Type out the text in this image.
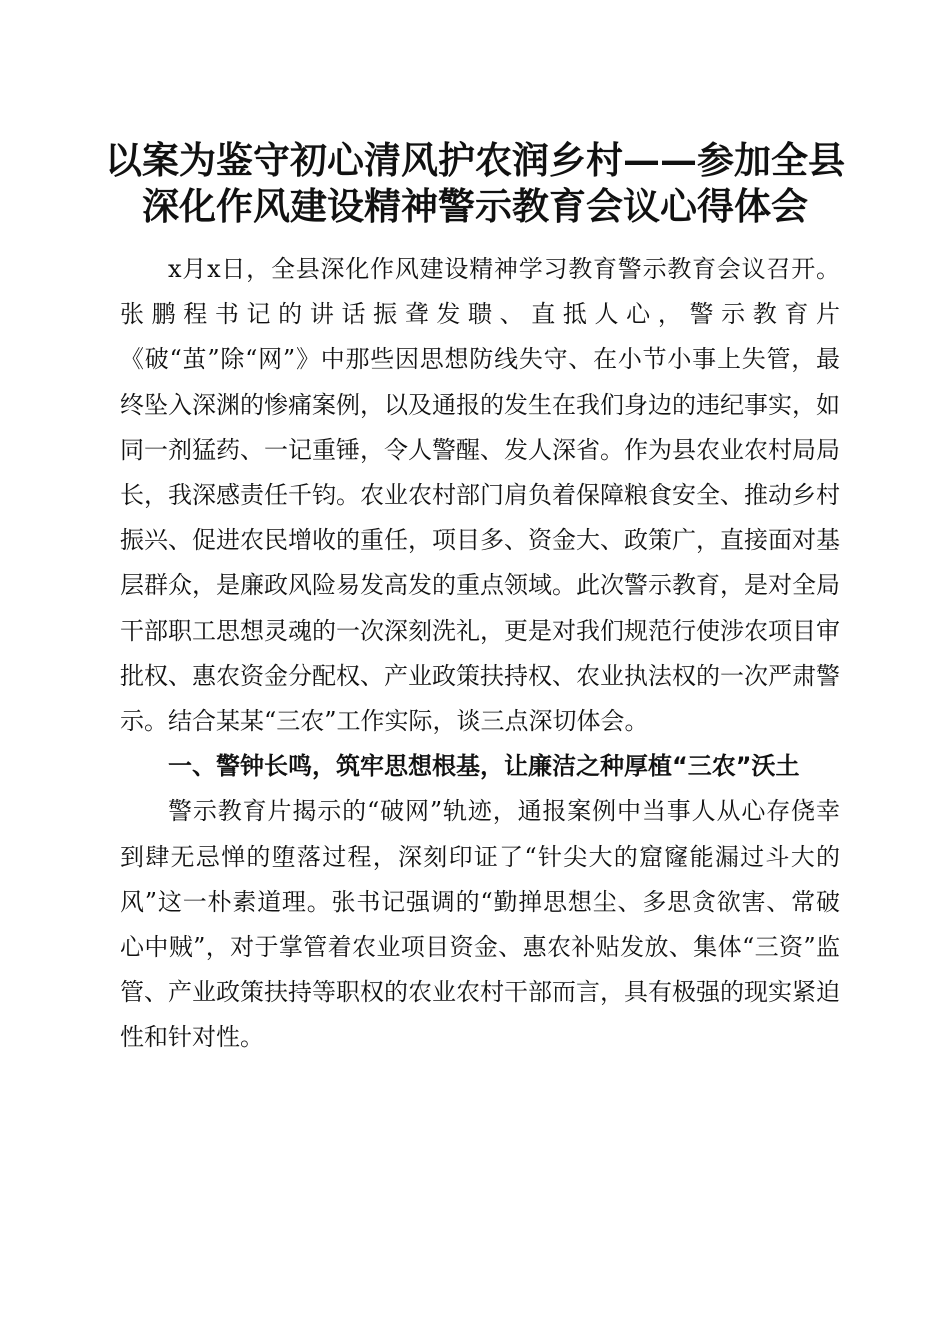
以案为鉴守初心清风护农润乡村——参加全县
深化作风建设精神警示教育会议心得体会

x月x日，全县深化作风建设精神学习教育警示教育会议召开。张鹏程书记的讲话振聋发聩、直抵人心，警示教育片《破“茧”除“网”》中那些因思想防线失守、在小节小事上失管，最终坠入深渊的惨痛案例，以及通报的发生在我们身边的违纪事实，如同一剂猛药、一记重锤，令人警醒、发人深省。作为县农业农村局局长，我深感责任千钧。农业农村部门肩负着保障粮食安全、推动乡村振兴、促进农民增收的重任，项目多、资金大、政策广，直接面对基层群众，是廉政风险易发高发的重点领域。此次警示教育，是对全局干部职工思想灵魂的一次深刻洗礼，更是对我们规范行使涉农项目审批权、惠农资金分配权、产业政策扶持权、农业执法权的一次严肃警示。结合某某“三农”工作实际，谈三点深切体会。

一、警钟长鸣，筑牢思想根基，让廉洁之种厚植“三农”沃土

警示教育片揭示的“破网”轨迹，通报案例中当事人从心存侥幸到肆无忌惮的堕落过程，深刻印证了“针尖大的窟窿能漏过斗大的风”这一朴素道理。张书记强调的“勤掸思想尘、多思贪欲害、常破心中贼”，对于掌管着农业项目资金、惠农补贴发放、集体“三资”监管、产业政策扶持等职权的农业农村干部而言，具有极强的现实紧迫性和针对性。
